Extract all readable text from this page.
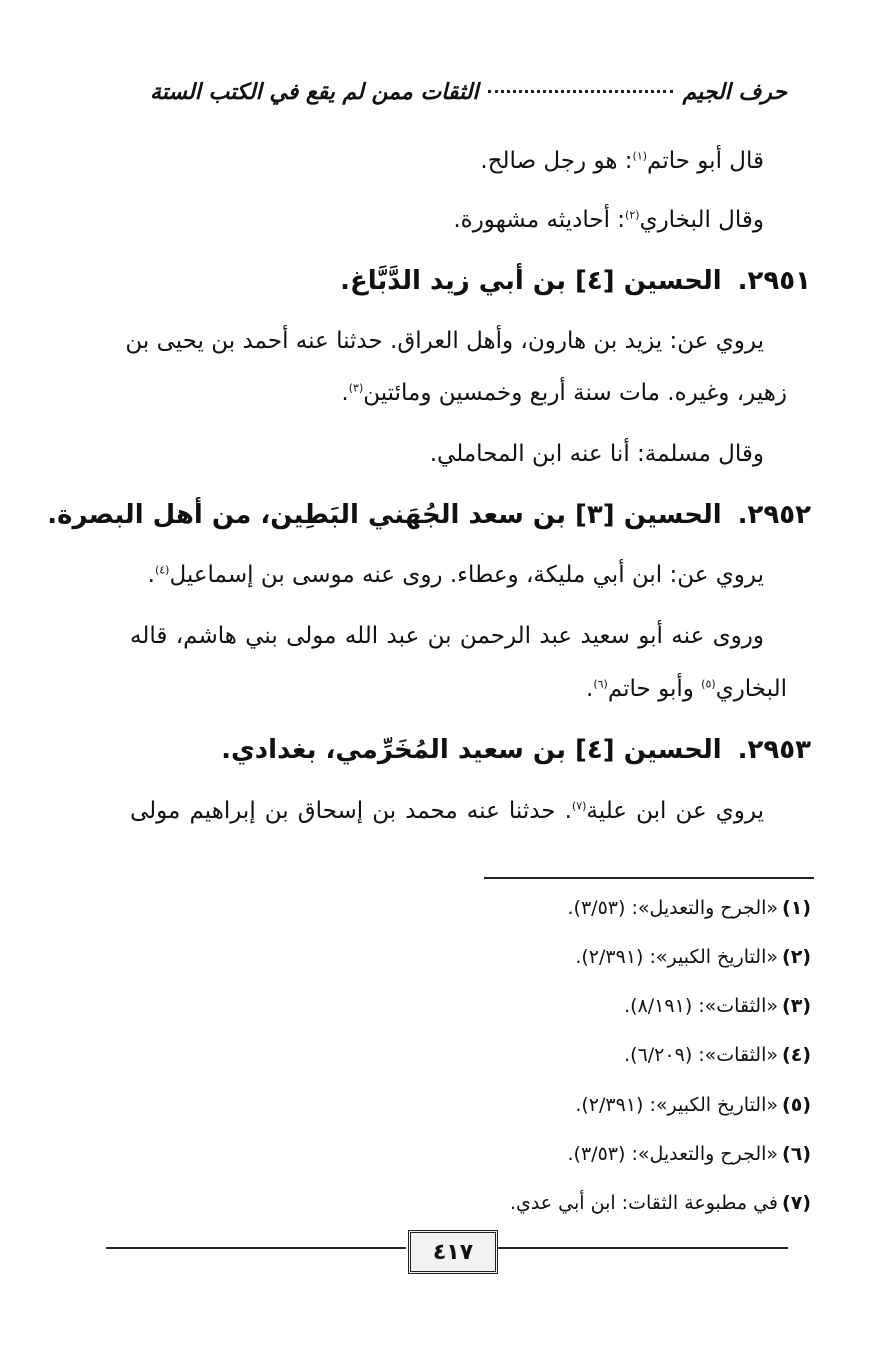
حرف الجيم
الثقات ممن لم يقع في الكتب الستة
قال أبو حاتم$^{(١)}$: هو رجل صالح.
وقال البخاري$^{(٢)}$: أحاديثه مشهورة.
٢٩٥١.الحسين [٤] بن أبي زيد الدَّبَّاغ.
يروي عن: يزيد بن هارون، وأهل العراق. حدثنا عنه أحمد بن يحيى بن
زهير، وغيره. مات سنة أربع وخمسين ومائتين$^{(٣)}$.
وقال مسلمة: أنا عنه ابن المحاملي.
٢٩٥٢.الحسين [٣] بن سعد الجُهَني البَطِين، من أهل البصرة.
يروي عن: ابن أبي مليكة، وعطاء. روى عنه موسى بن إسماعيل$^{(٤)}$.
وروى عنه أبو سعيد عبد الرحمن بن عبد الله مولى بني هاشم، قاله
البخاري$^{(٥)}$ وأبو حاتم$^{(٦)}$.
٢٩٥٣.الحسين [٤] بن سعيد المُخَرِّمي، بغدادي.
يروي عن ابن علية$^{(٧)}$. حدثنا عنه محمد بن إسحاق بن إبراهيم مولى
(١)«الجرح والتعديل»: (٣/٥٣).
(٢)«التاريخ الكبير»: (٢/٣٩١).
(٣)«الثقات»: (٨/١٩١).
(٤)«الثقات»: (٦/٢٠٩).
(٥)«التاريخ الكبير»: (٢/٣٩١).
(٦)«الجرح والتعديل»: (٣/٥٣).
(٧)في مطبوعة الثقات: ابن أبي عدي.
٤١٧
